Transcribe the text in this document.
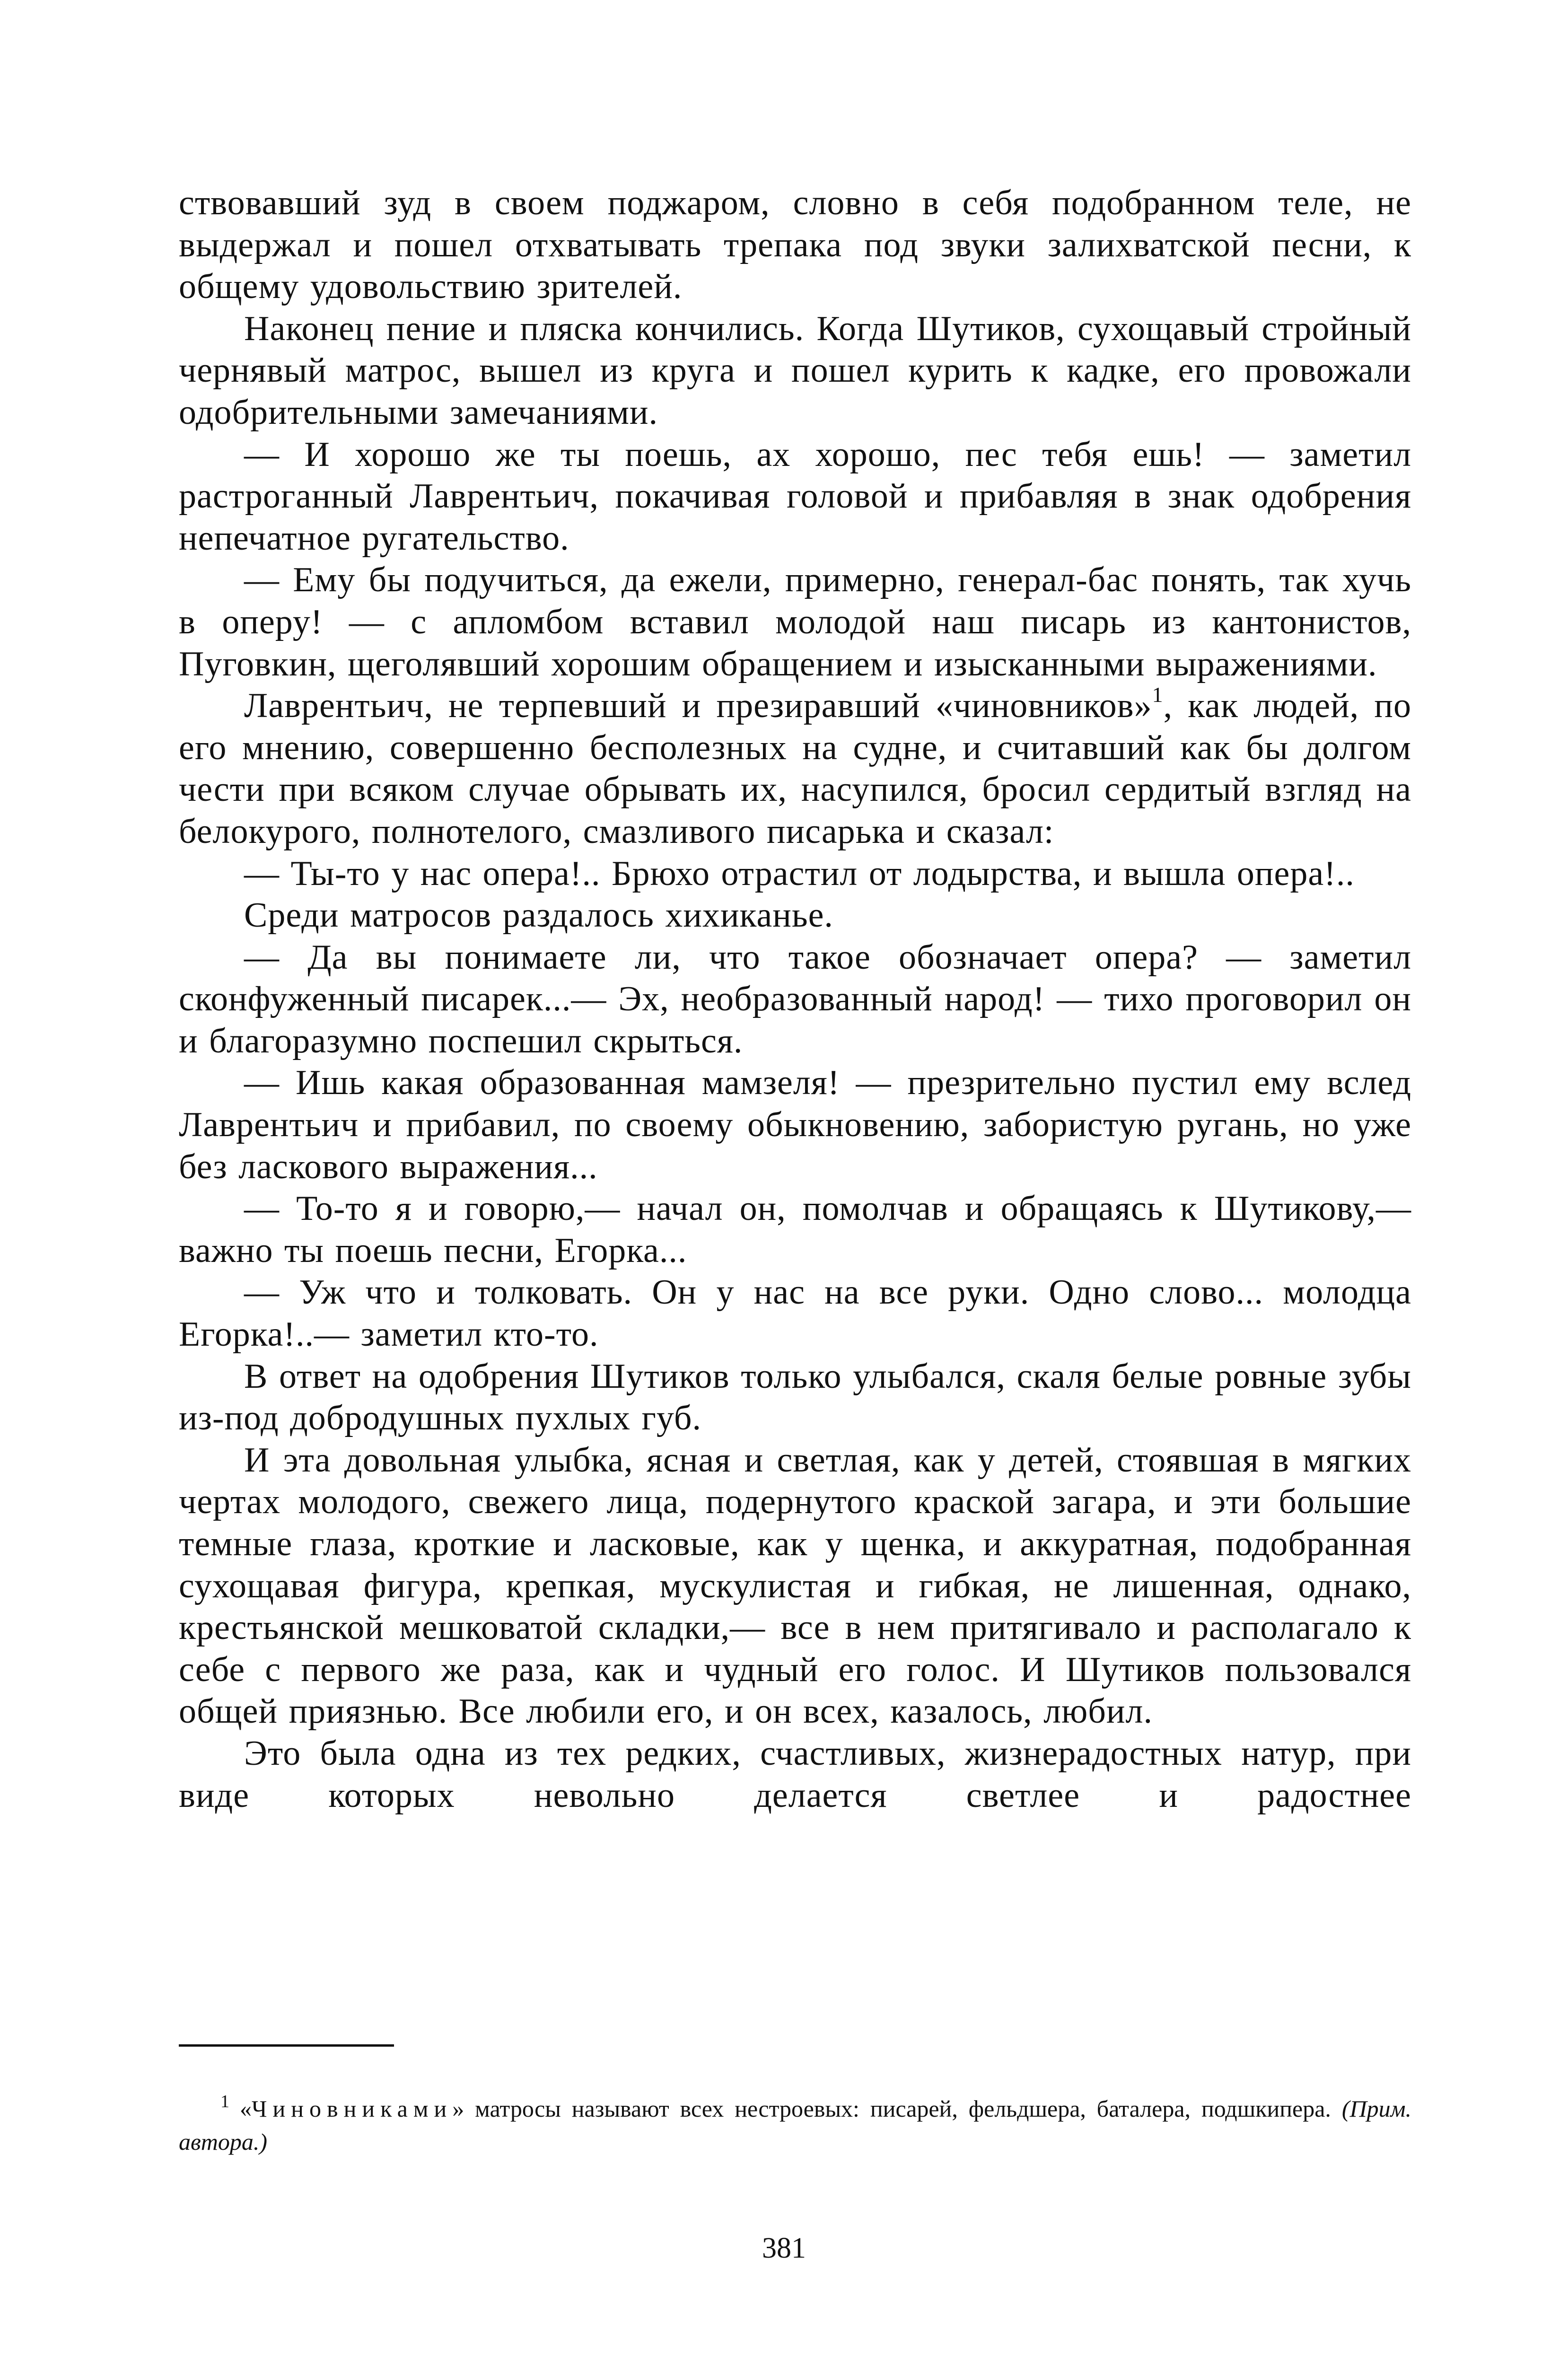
ствовавший зуд в своем поджаром, словно в себя подобранном теле, не выдержал и пошел отхватывать трепака под звуки залихватской песни, к общему удовольствию зрителей.

Наконец пение и пляска кончились. Когда Шутиков, сухощавый стройный чернявый матрос, вышел из круга и пошел курить к кадке, его провожали одобрительными замечаниями.

— И хорошо же ты поешь, ах хорошо, пес тебя ешь! — заметил растроганный Лаврентьич, покачивая головой и прибавляя в знак одобрения непечатное ругательство.

— Ему бы подучиться, да ежели, примерно, генерал-бас понять, так хучь в оперу! — с апломбом вставил молодой наш писарь из кантонистов, Пуговкин, щеголявший хорошим обращением и изысканными выражениями.

Лаврентьич, не терпевший и презиравший «чиновников»$^1$, как людей, по его мнению, совершенно бесполезных на судне, и считавший как бы долгом чести при всяком случае обрывать их, насупился, бросил сердитый взгляд на белокурого, полнотелого, смазливого писарька и сказал:

— Ты-то у нас опера!.. Брюхо отрастил от лодырства, и вышла опера!..

Среди матросов раздалось хихиканье.

— Да вы понимаете ли, что такое обозначает опера? — заметил сконфуженный писарек...— Эх, необразованный народ! — тихо проговорил он и благоразумно поспешил скрыться.

— Ишь какая образованная мамзеля! — презрительно пустил ему вслед Лаврентьич и прибавил, по своему обыкновению, забористую ругань, но уже без ласкового выражения...

— То-то я и говорю,— начал он, помолчав и обращаясь к Шутикову,— важно ты поешь песни, Егорка...

— Уж что и толковать. Он у нас на все руки. Одно слово... молодца Егорка!..— заметил кто-то.

В ответ на одобрения Шутиков только улыбался, скаля белые ровные зубы из-под добродушных пухлых губ.

И эта довольная улыбка, ясная и светлая, как у детей, стоявшая в мягких чертах молодого, свежего лица, подернутого краской загара, и эти большие темные глаза, кроткие и ласковые, как у щенка, и аккуратная, подобранная сухощавая фигура, крепкая, мускулистая и гибкая, не лишенная, однако, крестьянской мешковатой складки,— все в нем притягивало и располагало к себе с первого же раза, как и чудный его голос. И Шутиков пользовался общей приязнью. Все любили его, и он всех, казалось, любил.

Это была одна из тех редких, счастливых, жизнерадостных натур, при виде которых невольно делается светлее и радостнее

$^1$ «Чиновниками» матросы называют всех нестроевых: писарей, фельдшера, баталера, подшкипера. (Прим. автора.)
381
